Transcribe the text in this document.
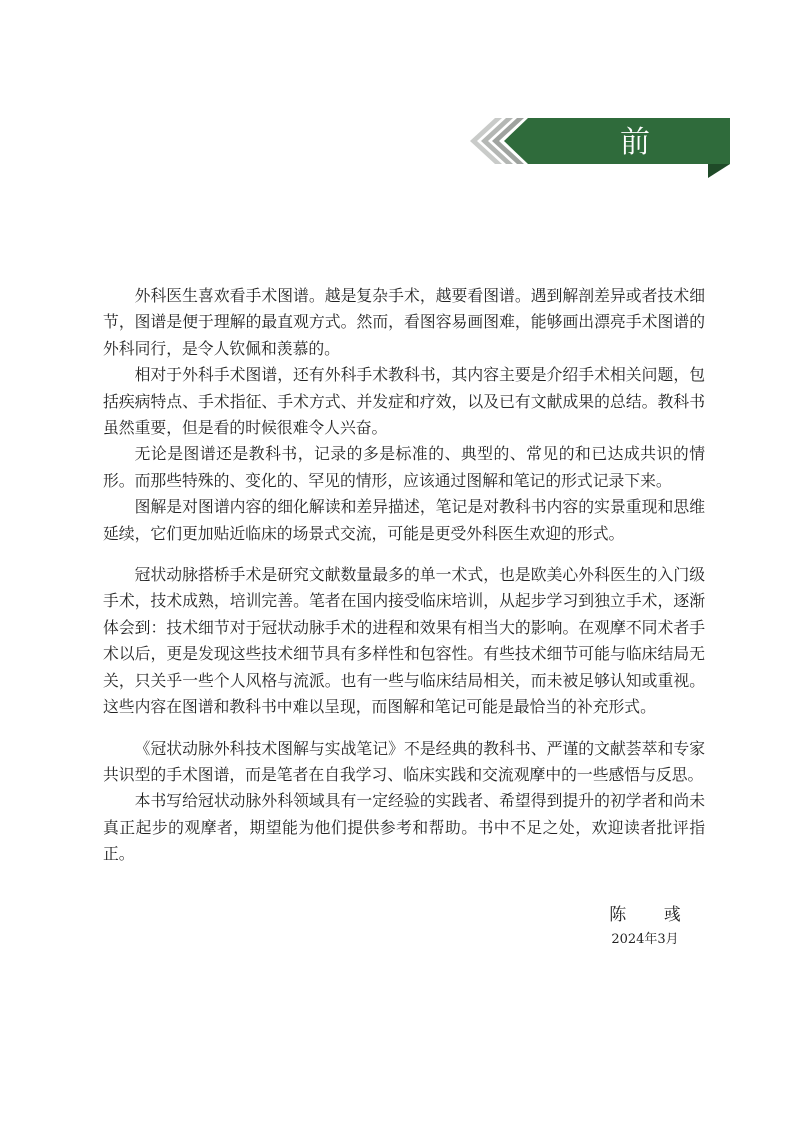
前　言

外科医生喜欢看手术图谱。越是复杂手术，越要看图谱。遇到解剖差异或者技术细节，图谱是便于理解的最直观方式。然而，看图容易画图难，能够画出漂亮手术图谱的外科同行，是令人钦佩和羡慕的。

相对于外科手术图谱，还有外科手术教科书，其内容主要是介绍手术相关问题，包括疾病特点、手术指征、手术方式、并发症和疗效，以及已有文献成果的总结。教科书虽然重要，但是看的时候很难令人兴奋。

无论是图谱还是教科书，记录的多是标准的、典型的、常见的和已达成共识的情形。而那些特殊的、变化的、罕见的情形，应该通过图解和笔记的形式记录下来。

图解是对图谱内容的细化解读和差异描述，笔记是对教科书内容的实景重现和思维延续，它们更加贴近临床的场景式交流，可能是更受外科医生欢迎的形式。

冠状动脉搭桥手术是研究文献数量最多的单一术式，也是欧美心外科医生的入门级手术，技术成熟，培训完善。笔者在国内接受临床培训，从起步学习到独立手术，逐渐体会到：技术细节对于冠状动脉手术的进程和效果有相当大的影响。在观摩不同术者手术以后，更是发现这些技术细节具有多样性和包容性。有些技术细节可能与临床结局无关，只关乎一些个人风格与流派。也有一些与临床结局相关，而未被足够认知或重视。这些内容在图谱和教科书中难以呈现，而图解和笔记可能是最恰当的补充形式。

《冠状动脉外科技术图解与实战笔记》不是经典的教科书、严谨的文献荟萃和专家共识型的手术图谱，而是笔者在自我学习、临床实践和交流观摩中的一些感悟与反思。

本书写给冠状动脉外科领域具有一定经验的实践者、希望得到提升的初学者和尚未真正起步的观摩者，期望能为他们提供参考和帮助。书中不足之处，欢迎读者批评指正。

陈 彧
2024年3月
